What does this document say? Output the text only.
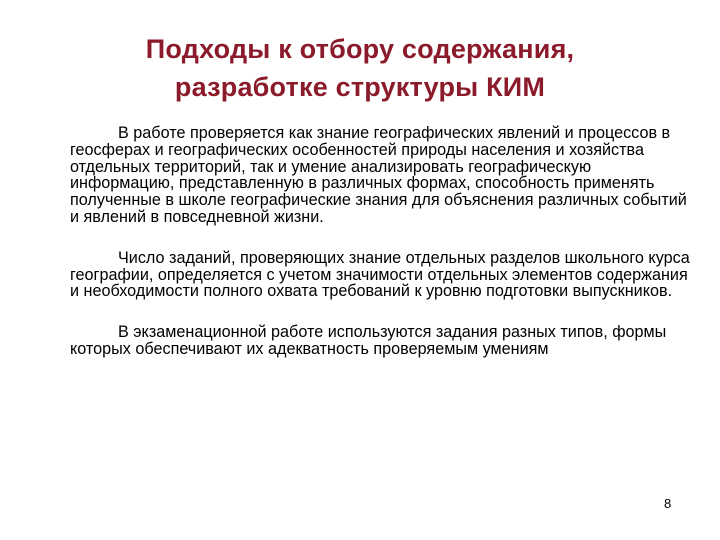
Подходы к отбору содержания,
разработке структуры КИМ

В работе проверяется как знание географических явлений и процессов в геосферах и географических особенностей природы населения и хозяйства отдельных территорий, так и умение анализировать географическую информацию, представленную в различных формах, способность применять полученные в школе географические знания для объяснения различных событий и явлений в повседневной жизни.

Число заданий, проверяющих знание отдельных разделов школьного курса географии, определяется с учетом значимости отдельных элементов содержания и необходимости полного охвата требований к уровню подготовки выпускников.

В экзаменационной работе используются задания разных типов, формы которых обеспечивают их адекватность проверяемым умениям

8
